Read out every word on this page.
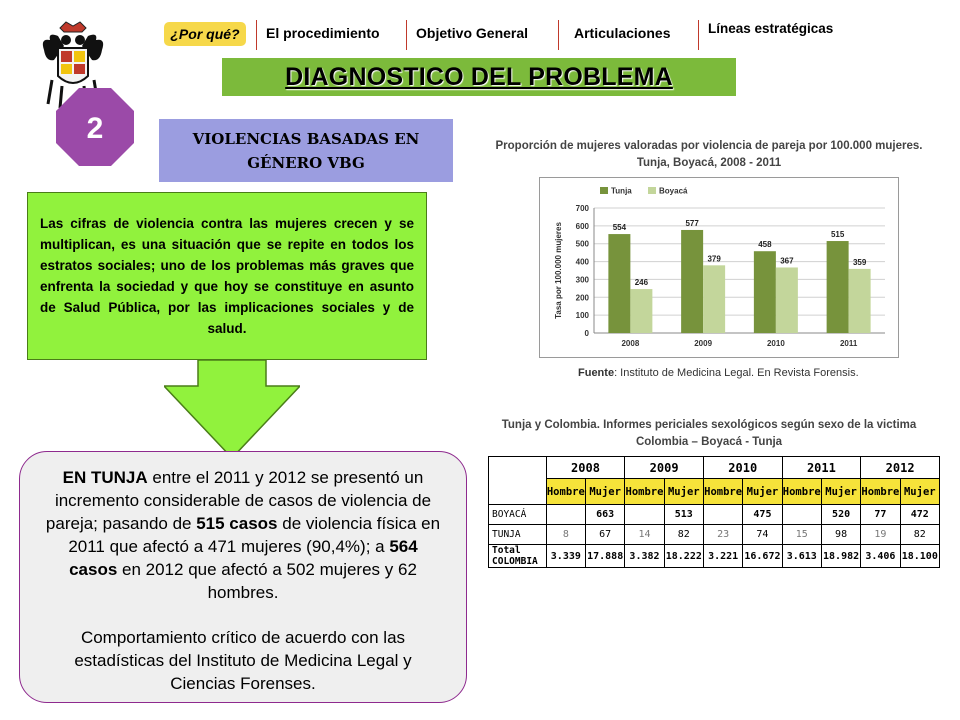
¿Por qué?	El procedimiento	Objetivo General	Articulaciones	Líneas estratégicas
DIAGNOSTICO DEL PROBLEMA
2	VIOLENCIAS BASADAS EN
GÉNERO VBG

Las cifras de violencia contra las mujeres crecen y se multiplican, es una situación que se repite en todos los estratos sociales; uno de los problemas más graves que enfrenta la sociedad y que hoy se constituye en asunto de Salud Pública, por las implicaciones sociales y de salud.

EN TUNJA entre el 2011 y 2012 se presentó un incremento considerable de casos de violencia de pareja; pasando de 515 casos de violencia física en 2011 que afectó a 471 mujeres (90,4%); a 564 casos en 2012 que afectó a 502 mujeres y 62 hombres.

Comportamiento crítico de acuerdo con las estadísticas del Instituto de Medicina Legal y Ciencias Forenses.

Proporción de mujeres valoradas por violencia de pareja por 100.000 mujeres. Tunja, Boyacá, 2008 - 2011
0
100
200
300
400
500
600
700
Tasa por 100.000 mujeres	554
246
2008
577
379
2009
458
367
2010
515
359
2011
Tunja	Boyacá
Fuente: Instituto de Medicina Legal. En Revista Forensis.
Tunja y Colombia. Informes periciales sexológicos según sexo de la victima Colombia – Boyacá - Tunja
	2008		2009		2010		2011		2012	
	Hombre	Mujer	Hombre	Mujer	Hombre	Mujer	Hombre	Mujer	Hombre	Mujer
BOYACÁ		663		513		475		520	77	472
TUNJA	8	67	14	82	23	74	15	98	19	82
Total COLOMBIA	3.339	17.888	3.382	18.222	3.221	16.672	3.613	18.982	3.406	18.100
